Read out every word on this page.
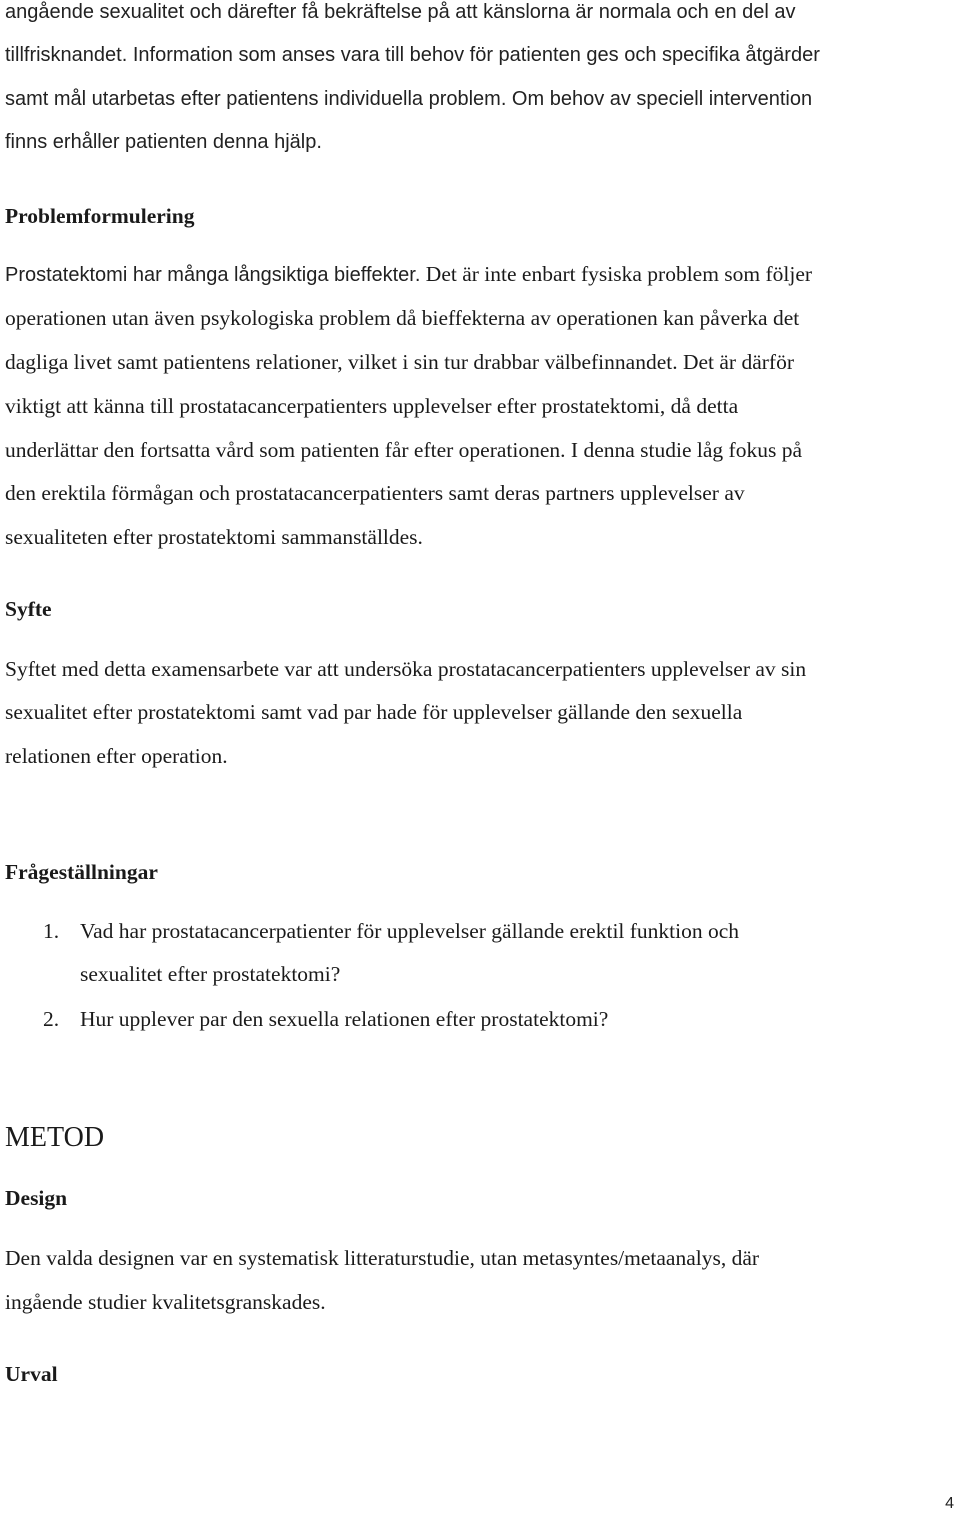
angående sexualitet och därefter få bekräftelse på att känslorna är normala och en del av
tillfrisknandet. Information som anses vara till behov för patienten ges och specifika åtgärder
samt mål utarbetas efter patientens individuella problem. Om behov av speciell intervention
finns erhåller patienten denna hjälp.
Problemformulering
Prostatektomi har många långsiktiga bieffekter. Det är inte enbart fysiska problem som följer
operationen utan även psykologiska problem då bieffekterna av operationen kan påverka det
dagliga livet samt patientens relationer, vilket i sin tur drabbar välbefinnandet. Det är därför
viktigt att känna till prostatacancerpatienters upplevelser efter prostatektomi, då detta
underlättar den fortsatta vård som patienten får efter operationen. I denna studie låg fokus på
den erektila förmågan och prostatacancerpatienters samt deras partners upplevelser av
sexualiteten efter prostatektomi sammanställdes.
Syfte
Syftet med detta examensarbete var att undersöka prostatacancerpatienters upplevelser av sin
sexualitet efter prostatektomi samt vad par hade för upplevelser gällande den sexuella
relationen efter operation.
Frågeställningar
1. Vad har prostatacancerpatienter för upplevelser gällande erektil funktion och
sexualitet efter prostatektomi?
2. Hur upplever par den sexuella relationen efter prostatektomi?
METOD
Design
Den valda designen var en systematisk litteraturstudie, utan metasyntes/metaanalys, där
ingående studier kvalitetsgranskades.
Urval
4
